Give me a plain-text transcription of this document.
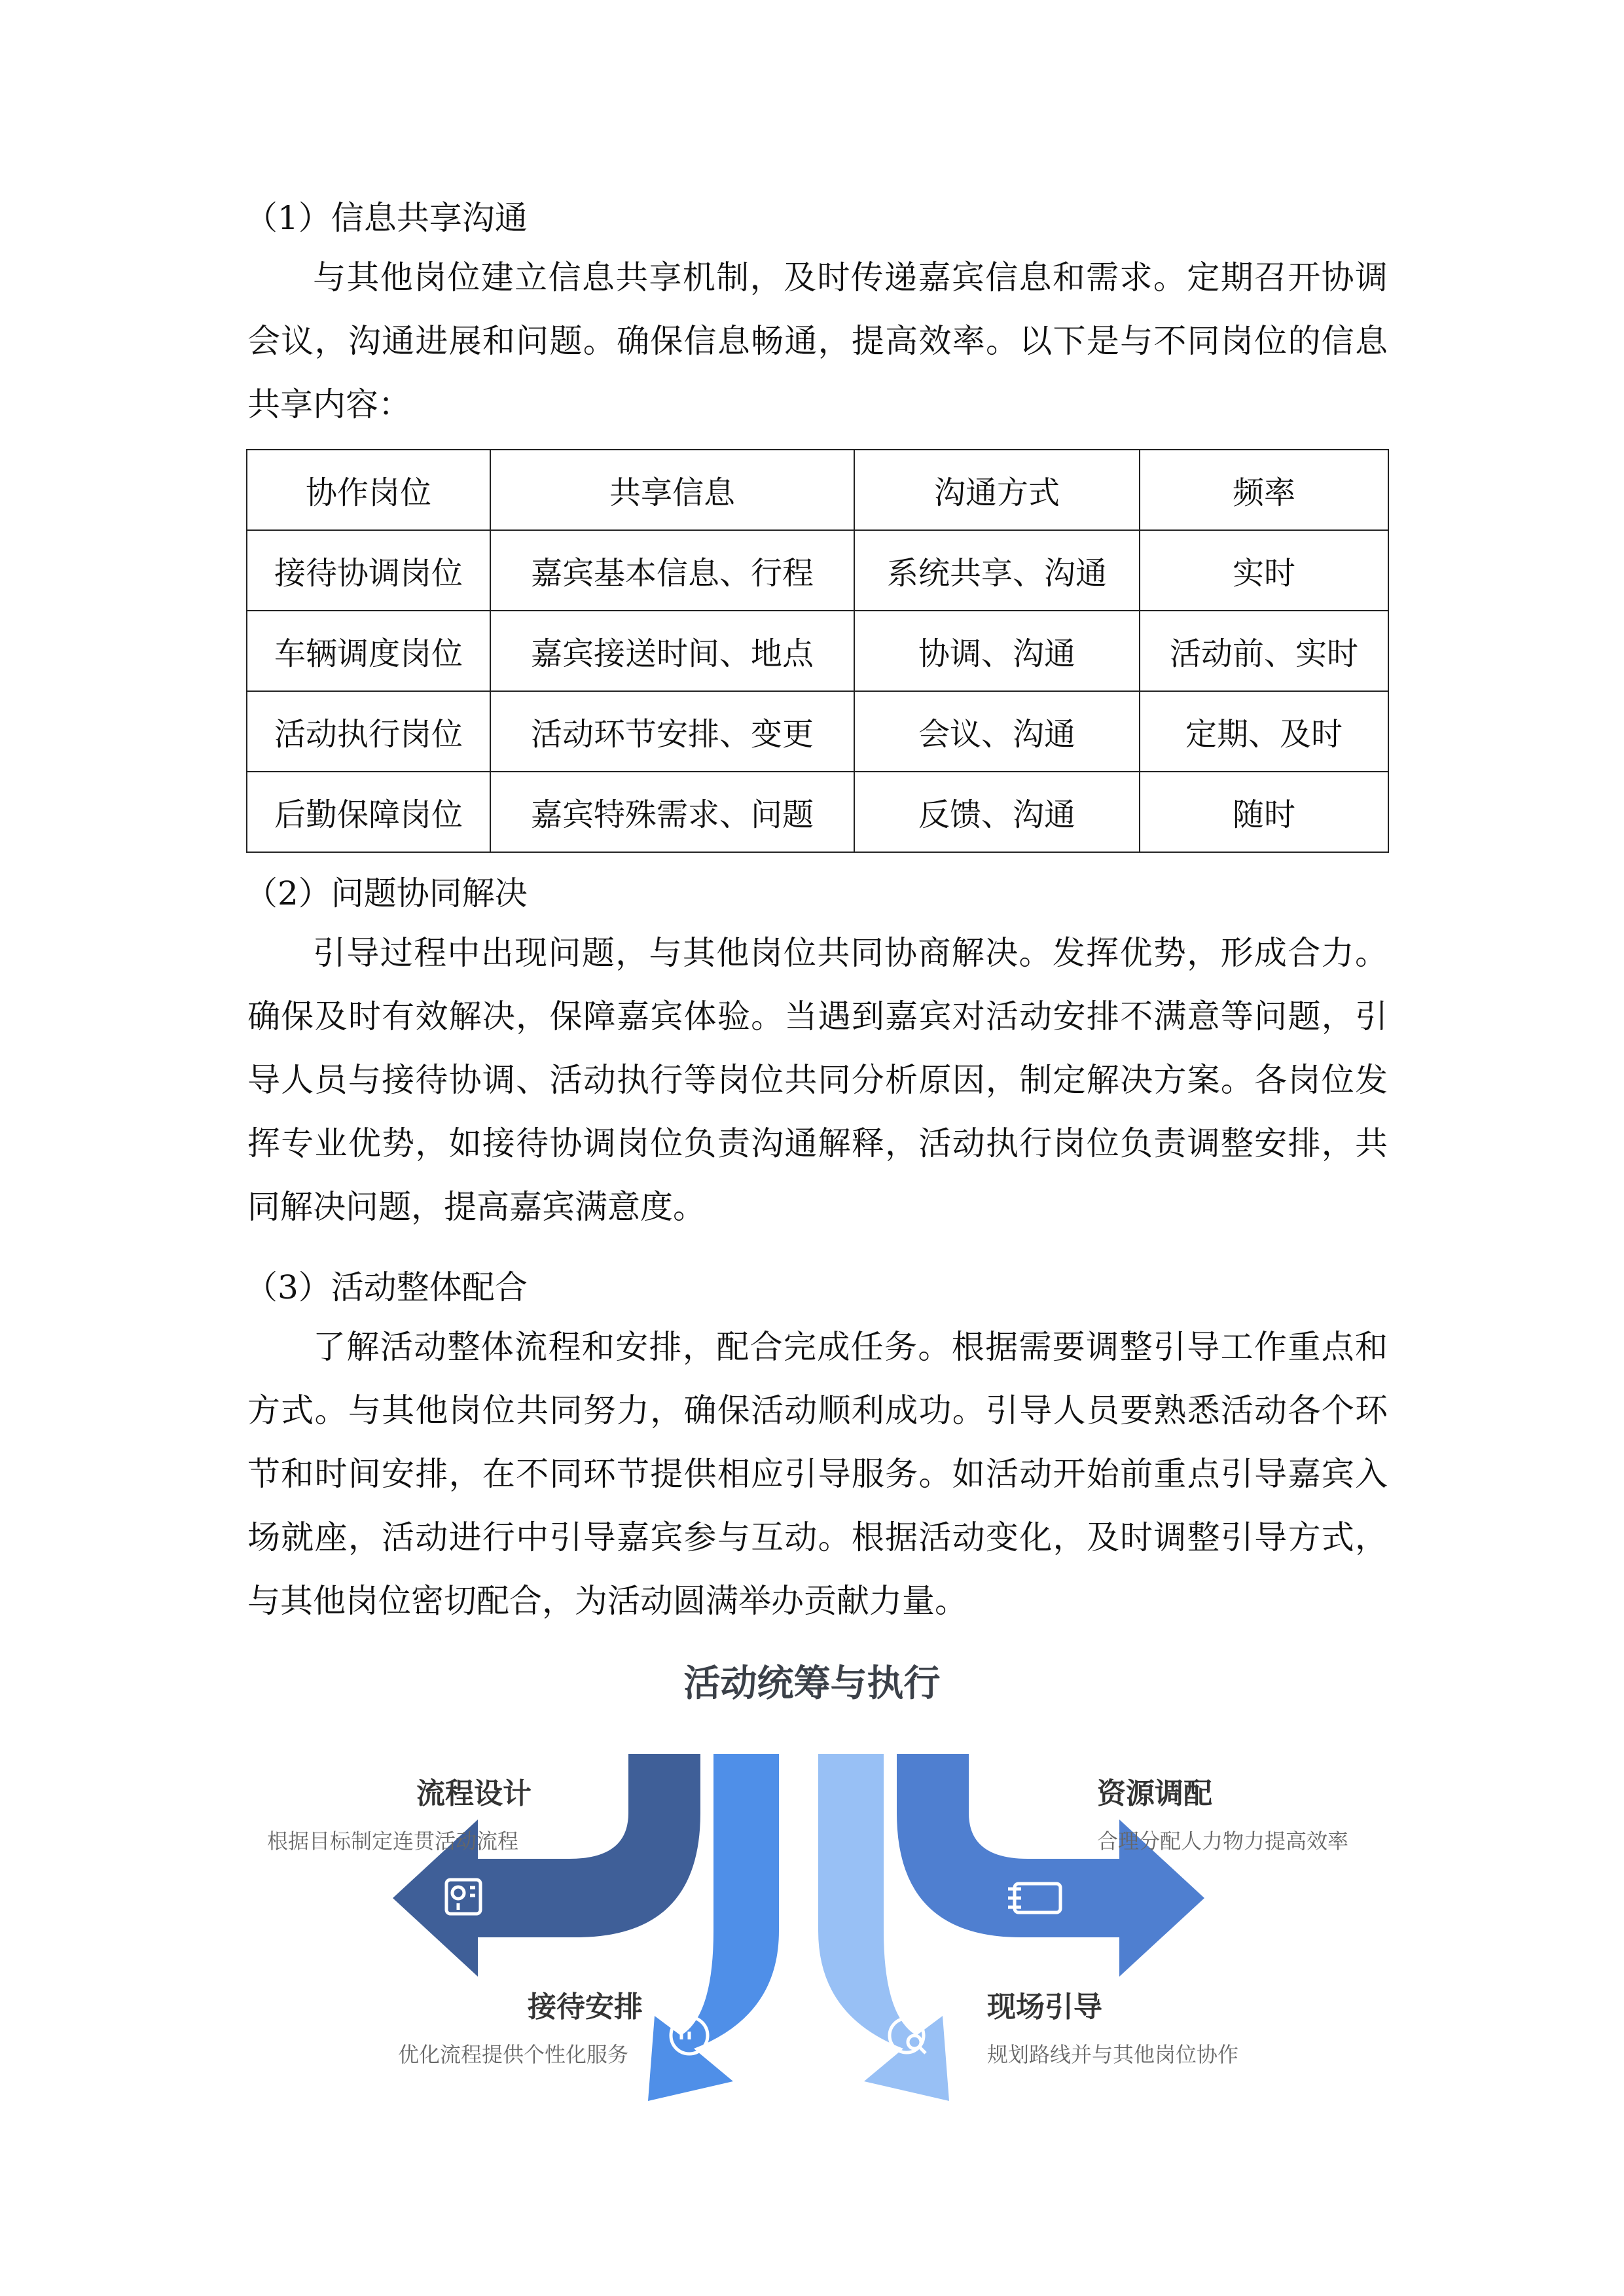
（1）信息共享沟通

与其他岗位建立信息共享机制，及时传递嘉宾信息和需求。定期召开协调会议，沟通进展和问题。确保信息畅通，提高效率。以下是与不同岗位的信息共享内容：

协作岗位	共享信息	沟通方式	频率
接待协调岗位	嘉宾基本信息、行程	系统共享、沟通	实时
车辆调度岗位	嘉宾接送时间、地点	协调、沟通	活动前、实时
活动执行岗位	活动环节安排、变更	会议、沟通	定期、及时
后勤保障岗位	嘉宾特殊需求、问题	反馈、沟通	随时
（2）问题协同解决

引导过程中出现问题，与其他岗位共同协商解决。发挥优势，形成合力。确保及时有效解决，保障嘉宾体验。当遇到嘉宾对活动安排不满意等问题，引导人员与接待协调、活动执行等岗位共同分析原因，制定解决方案。各岗位发挥专业优势，如接待协调岗位负责沟通解释，活动执行岗位负责调整安排，共同解决问题，提高嘉宾满意度。

（3）活动整体配合

了解活动整体流程和安排，配合完成任务。根据需要调整引导工作重点和方式。与其他岗位共同努力，确保活动顺利成功。引导人员要熟悉活动各个环节和时间安排，在不同环节提供相应引导服务。如活动开始前重点引导嘉宾入场就座，活动进行中引导嘉宾参与互动。根据活动变化，及时调整引导方式，与其他岗位密切配合，为活动圆满举办贡献力量。

活动统筹与执行
流程设计
根据目标制定连贯活动流程
接待安排
优化流程提供个性化服务
现场引导
规划路线并与其他岗位协作
资源调配
合理分配人力物力提高效率
